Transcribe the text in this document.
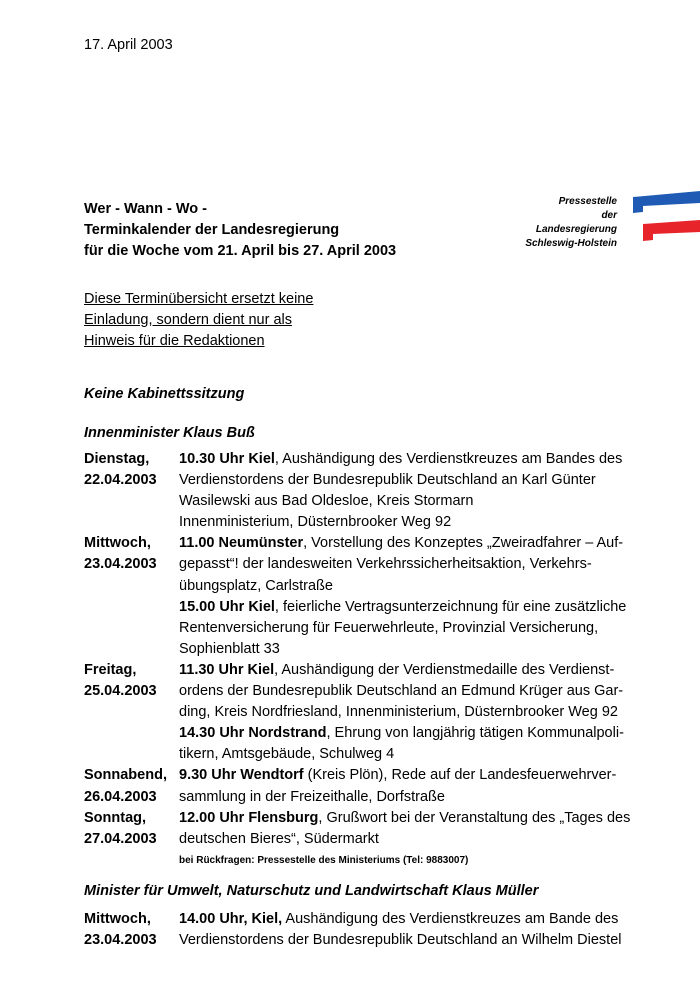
17. April 2003
Wer - Wann - Wo -
Terminkalender der Landesregierung
für die Woche vom 21. April bis 27. April 2003
Pressestelle
der
Landesregierung
Schleswig-Holstein
Diese Terminübersicht ersetzt keine
Einladung, sondern dient nur als
Hinweis für die Redaktionen
Keine Kabinettssitzung
Innenminister Klaus Buß
Dienstag,
22.04.2003
10.30 Uhr Kiel, Aushändigung des Verdienstkreuzes am Bandes des
Verdienstordens der Bundesrepublik Deutschland an Karl Günter
Wasilewski aus Bad Oldesloe, Kreis Stormarn
Innenministerium, Düsternbrooker Weg 92
Mittwoch,
23.04.2003
11.00 Neumünster, Vorstellung des Konzeptes „Zweiradfahrer – Auf-
gepasst“! der landesweiten Verkehrssicherheitsaktion, Verkehrs-
übungsplatz, Carlstraße
15.00 Uhr Kiel, feierliche Vertragsunterzeichnung für eine zusätzliche
Rentenversicherung für Feuerwehrleute, Provinzial Versicherung,
Sophienblatt 33
Freitag,
25.04.2003
11.30 Uhr Kiel, Aushändigung der Verdienstmedaille des Verdienst-
ordens der Bundesrepublik Deutschland an Edmund Krüger aus Gar-
ding, Kreis Nordfriesland, Innenministerium, Düsternbrooker Weg 92
14.30 Uhr Nordstrand, Ehrung von langjährig tätigen Kommunalpoli-
tikern, Amtsgebäude, Schulweg 4
Sonnabend,
26.04.2003
9.30 Uhr Wendtorf (Kreis Plön), Rede auf der Landesfeuerwehrver-
sammlung in der Freizeithalle, Dorfstraße
Sonntag,
27.04.2003
12.00 Uhr Flensburg, Grußwort bei der Veranstaltung des „Tages des
deutschen Bieres“, Südermarkt
bei Rückfragen: Pressestelle des Ministeriums (Tel: 9883007)
Minister für Umwelt, Naturschutz und Landwirtschaft Klaus Müller
Mittwoch,
23.04.2003
14.00 Uhr, Kiel, Aushändigung des Verdienstkreuzes am Bande des
Verdienstordens der Bundesrepublik Deutschland an Wilhelm Diestel
